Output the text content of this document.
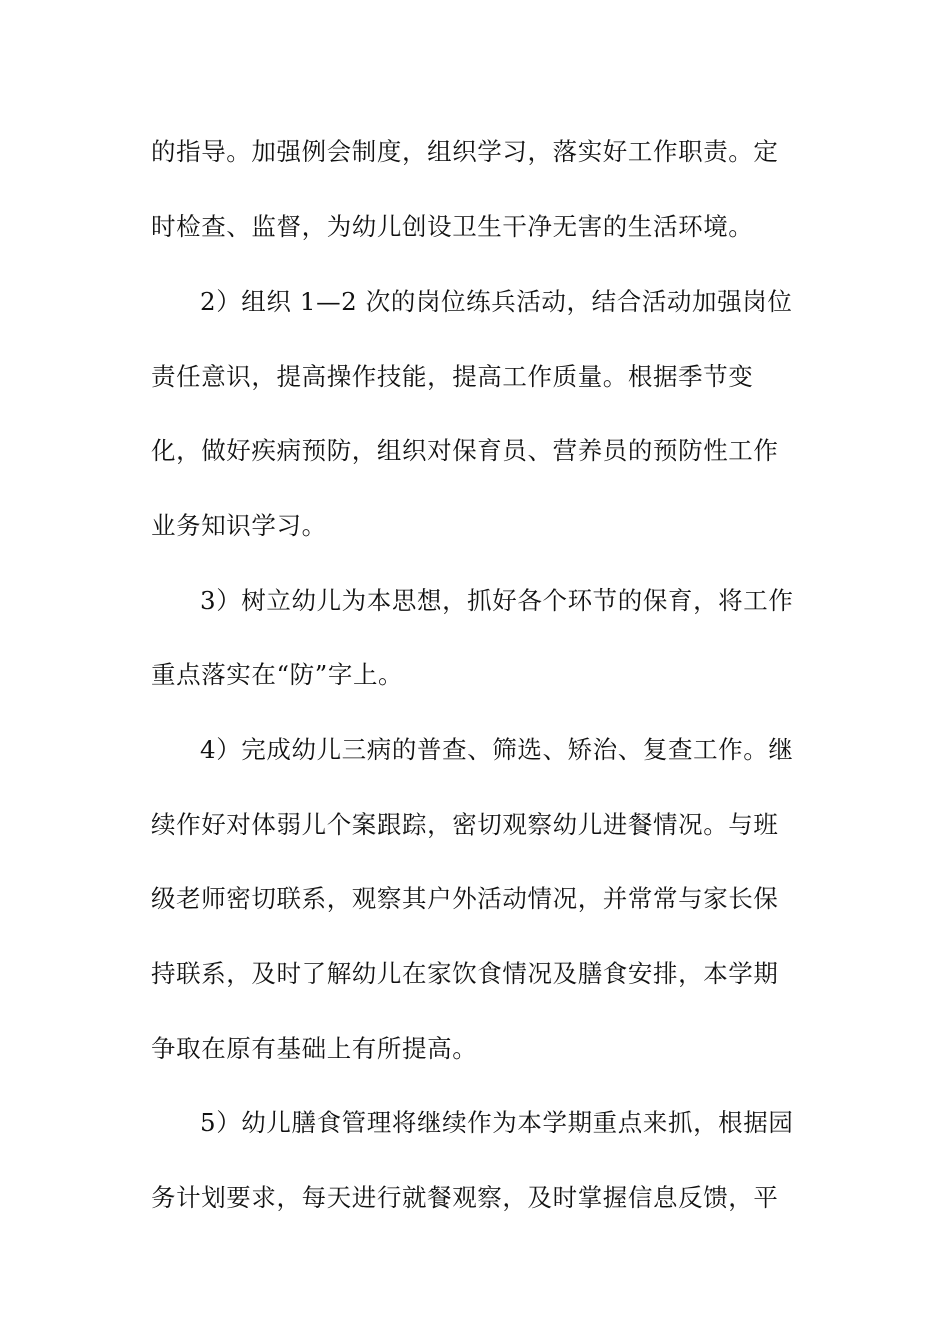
的指导。加强例会制度，组织学习，落实好工作职责。定
时检查、监督，为幼儿创设卫生干净无害的生活环境。
2）组织 1—2 次的岗位练兵活动，结合活动加强岗位
责任意识，提高操作技能，提高工作质量。根据季节变
化，做好疾病预防，组织对保育员、营养员的预防性工作
业务知识学习。
3）树立幼儿为本思想，抓好各个环节的保育，将工作
重点落实在“防”字上。
4）完成幼儿三病的普查、筛选、矫治、复查工作。继
续作好对体弱儿个案跟踪，密切观察幼儿进餐情况。与班
级老师密切联系，观察其户外活动情况，并常常与家长保
持联系，及时了解幼儿在家饮食情况及膳食安排，本学期
争取在原有基础上有所提高。
5）幼儿膳食管理将继续作为本学期重点来抓，根据园
务计划要求，每天进行就餐观察，及时掌握信息反馈，平
